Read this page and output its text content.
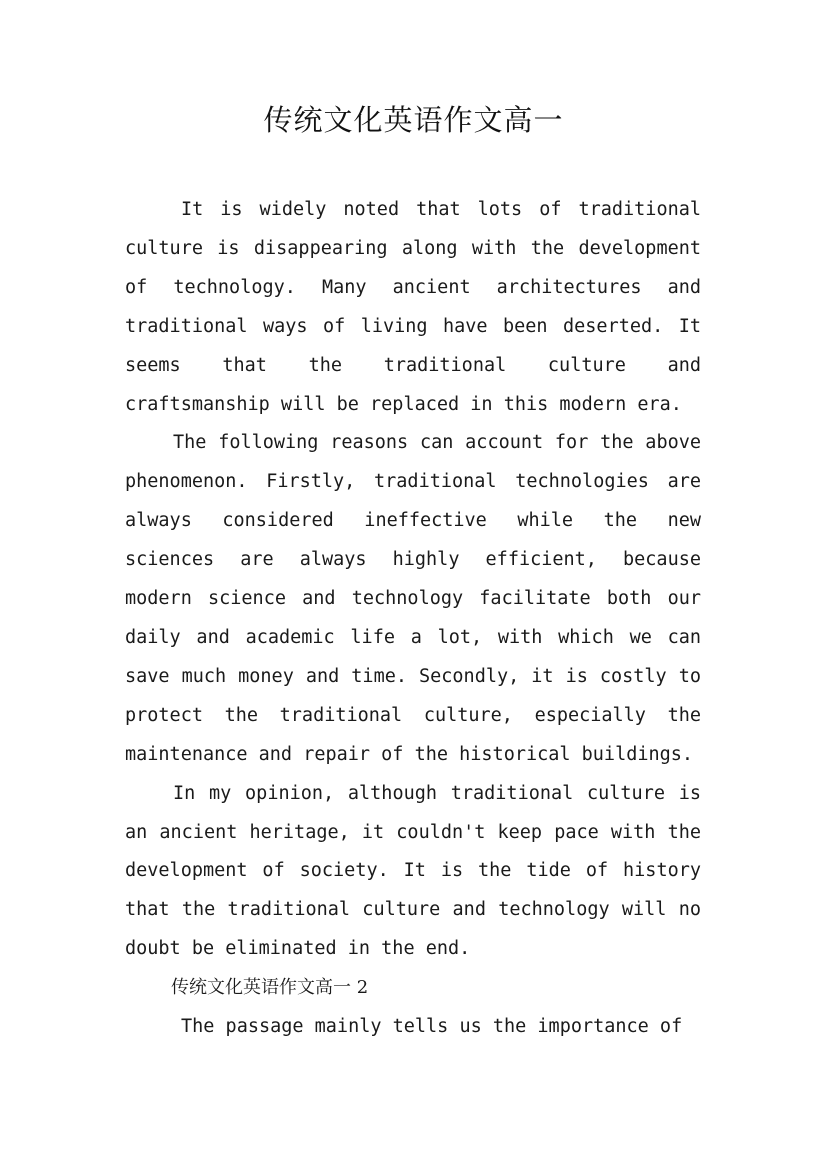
传统文化英语作文高一

It is widely noted that lots of traditional culture is disappearing along with the development of technology. Many ancient architectures and traditional ways of living have been deserted. It seems that the traditional culture and craftsmanship will be replaced in this modern era.

The following reasons can account for the above phenomenon. Firstly, traditional technologies are always considered ineffective while the new sciences are always highly efficient, because modern science and technology facilitate both our daily and academic life a lot, with which we can save much money and time. Secondly, it is costly to protect the traditional culture, especially the maintenance and repair of the historical buildings.

In my opinion, although traditional culture is an ancient heritage, it couldn't keep pace with the development of society. It is the tide of history that the traditional culture and technology will no doubt be eliminated in the end.

传统文化英语作文高一 2

The passage mainly tells us the importance of
